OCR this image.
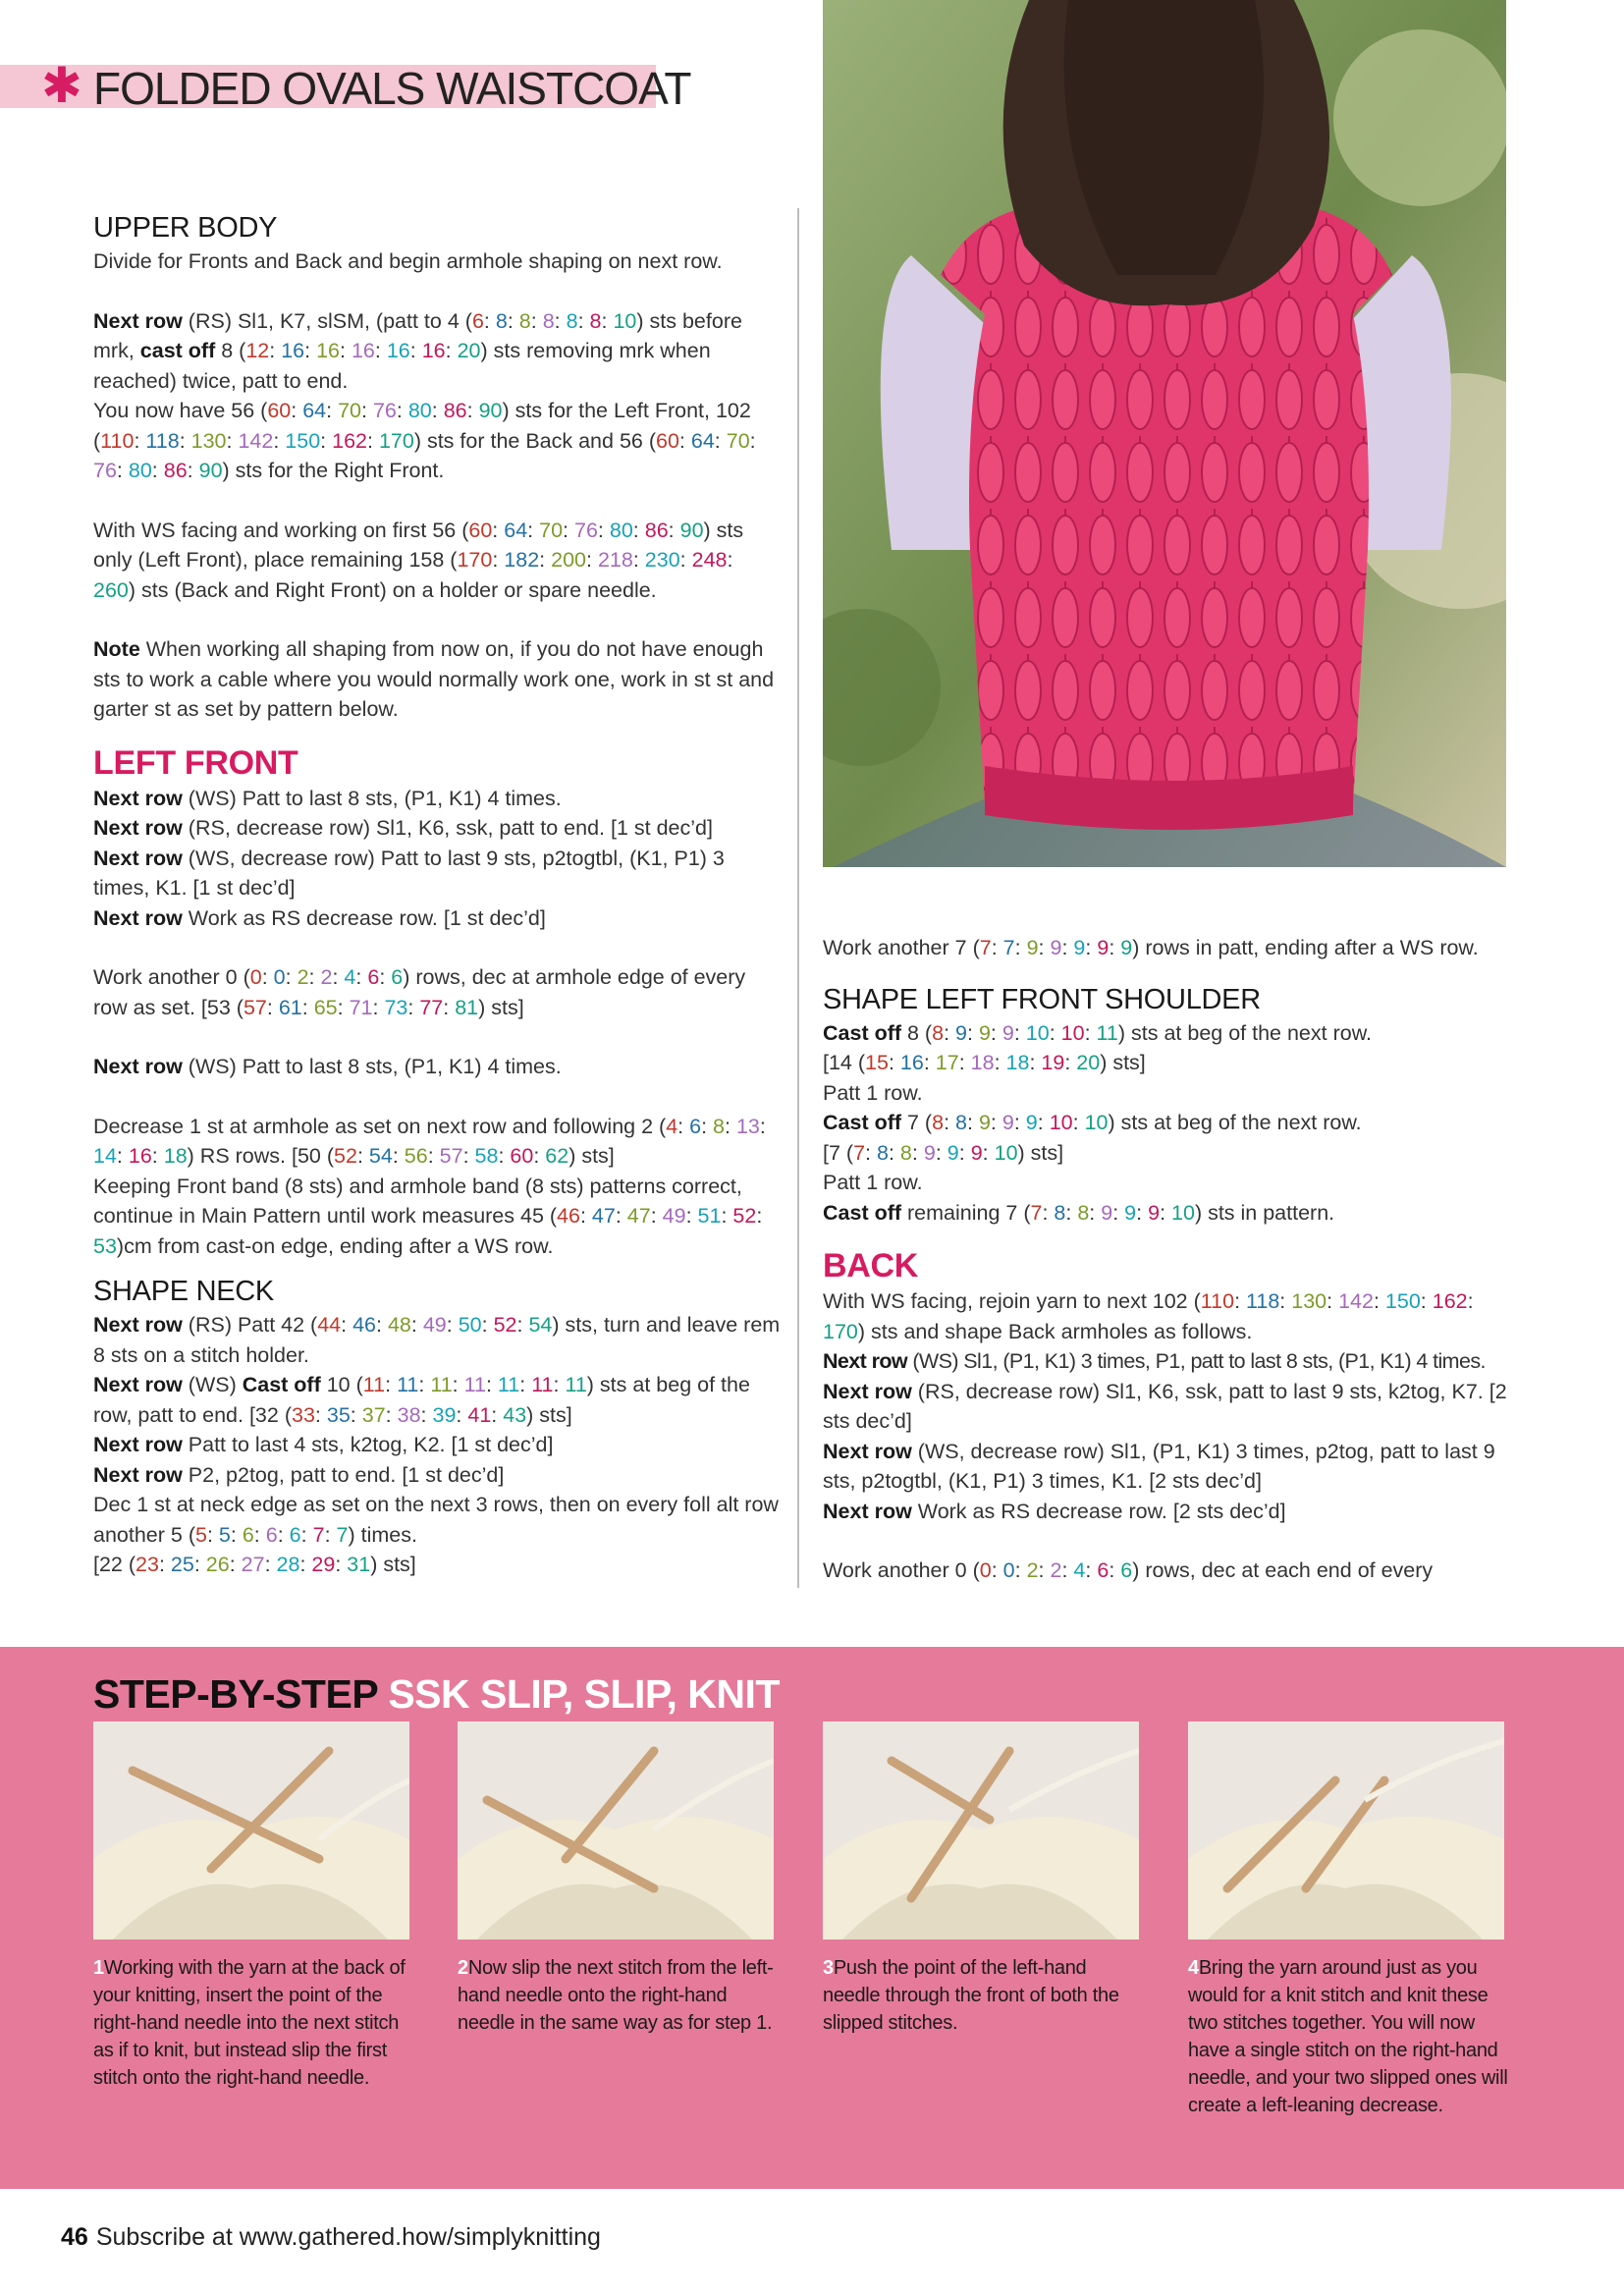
✱ FOLDED OVALS WAISTCOAT
UPPER BODY

Divide for Fronts and Back and begin armhole shaping on next row.

Next row (RS) Sl1, K7, slSM, (patt to 4 (6: 8: 8: 8: 8: 8: 10) sts before mrk, cast off 8 (12: 16: 16: 16: 16: 16: 20) sts removing mrk when reached) twice, patt to end.

You now have 56 (60: 64: 70: 76: 80: 86: 90) sts for the Left Front, 102 (110: 118: 130: 142: 150: 162: 170) sts for the Back and 56 (60: 64: 70: 76: 80: 86: 90) sts for the Right Front.

With WS facing and working on first 56 (60: 64: 70: 76: 80: 86: 90) sts only (Left Front), place remaining 158 (170: 182: 200: 218: 230: 248: 260) sts (Back and Right Front) on a holder or spare needle.

Note When working all shaping from now on, if you do not have enough sts to work a cable where you would normally work one, work in st st and garter st as set by pattern below.

LEFT FRONT

Next row (WS) Patt to last 8 sts, (P1, K1) 4 times.

Next row (RS, decrease row) Sl1, K6, ssk, patt to end. [1 st dec’d]

Next row (WS, decrease row) Patt to last 9 sts, p2togtbl, (K1, P1) 3 times, K1. [1 st dec’d]

Next row Work as RS decrease row. [1 st dec’d]

Work another 0 (0: 0: 2: 2: 4: 6: 6) rows, dec at armhole edge of every row as set. [53 (57: 61: 65: 71: 73: 77: 81) sts]

Next row (WS) Patt to last 8 sts, (P1, K1) 4 times.

Decrease 1 st at armhole as set on next row and following 2 (4: 6: 8: 13: 14: 16: 18) RS rows. [50 (52: 54: 56: 57: 58: 60: 62) sts]

Keeping Front band (8 sts) and armhole band (8 sts) patterns correct, continue in Main Pattern until work measures 45 (46: 47: 47: 49: 51: 52: 53)cm from cast-on edge, ending after a WS row.

SHAPE NECK

Next row (RS) Patt 42 (44: 46: 48: 49: 50: 52: 54) sts, turn and leave rem 8 sts on a stitch holder.

Next row (WS) Cast off 10 (11: 11: 11: 11: 11: 11: 11) sts at beg of the row, patt to end. [32 (33: 35: 37: 38: 39: 41: 43) sts]

Next row Patt to last 4 sts, k2tog, K2. [1 st dec’d]

Next row P2, p2tog, patt to end. [1 st dec’d]

Dec 1 st at neck edge as set on the next 3 rows, then on every foll alt row another 5 (5: 5: 6: 6: 6: 7: 7) times.

[22 (23: 25: 26: 27: 28: 29: 31) sts]

Work another 7 (7: 7: 9: 9: 9: 9: 9) rows in patt, ending after a WS row.

SHAPE LEFT FRONT SHOULDER

Cast off 8 (8: 9: 9: 9: 10: 10: 11) sts at beg of the next row.

[14 (15: 16: 17: 18: 18: 19: 20) sts]

Patt 1 row.

Cast off 7 (8: 8: 9: 9: 9: 10: 10) sts at beg of the next row.

[7 (7: 8: 8: 9: 9: 9: 10) sts]

Patt 1 row.

Cast off remaining 7 (7: 8: 8: 9: 9: 9: 10) sts in pattern.

BACK

With WS facing, rejoin yarn to next 102 (110: 118: 130: 142: 150: 162: 170) sts and shape Back armholes as follows.

Next row (WS) Sl1, (P1, K1) 3 times, P1, patt to last 8 sts, (P1, K1) 4 times.

Next row (RS, decrease row) Sl1, K6, ssk, patt to last 9 sts, k2tog, K7. [2 sts dec’d]

Next row (WS, decrease row) Sl1, (P1, K1) 3 times, p2tog, patt to last 9 sts, p2togtbl, (K1, P1) 3 times, K1. [2 sts dec’d]

Next row Work as RS decrease row. [2 sts dec’d]

Work another 0 (0: 0: 2: 2: 4: 6: 6) rows, dec at each end of every

STEP-BY-STEP SSK SLIP, SLIP, KNIT
1Working with the yarn at the back of your knitting, insert the point of the right-hand needle into the next stitch as if to knit, but instead slip the first stitch onto the right-hand needle.
2Now slip the next stitch from the left-hand needle onto the right-hand needle in the same way as for step 1.
3Push the point of the left-hand needle through the front of both the slipped stitches.
4Bring the yarn around just as you would for a knit stitch and knit these two stitches together. You will now have a single stitch on the right-hand needle, and your two slipped ones will create a left-leaning decrease.
46 Subscribe at www.gathered.how/simplyknitting
